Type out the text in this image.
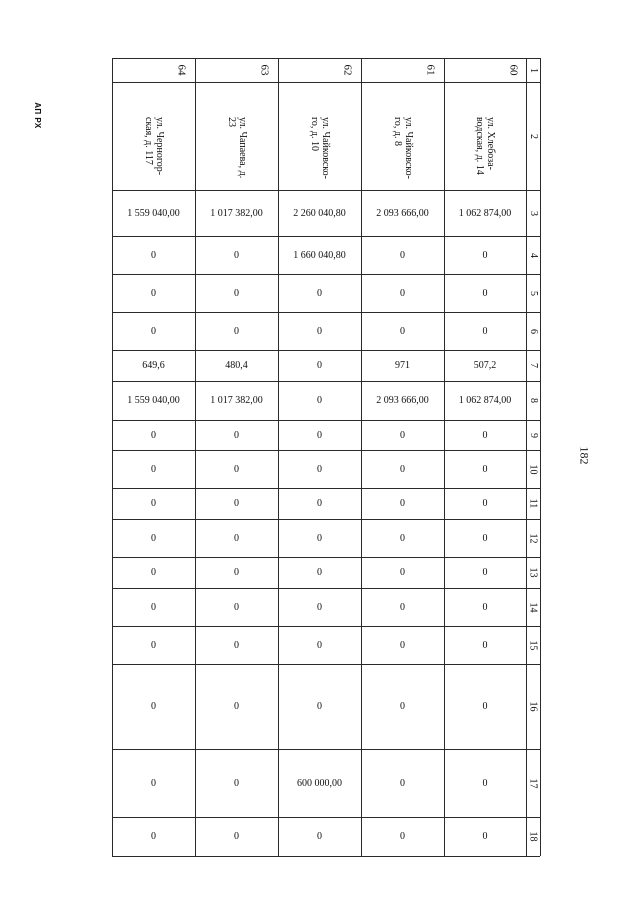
АП РХ
182
1
2
3
4
5
6
7
8
9
10
11
12
13
14
15
16
17
18
60
ул. Хлебоза-водская, д. 14
1 062 874,00
0
0
0
507,2
1 062 874,00
0
0
0
0
0
0
0
0
0
0
61
ул. Чайковско-го, д. 8
2 093 666,00
0
0
0
971
2 093 666,00
0
0
0
0
0
0
0
0
0
0
62
ул. Чайковско-го, д. 10
2 260 040,80
1 660 040,80
0
0
0
0
0
0
0
0
0
0
0
0
600 000,00
0
63
ул. Чапаева, д. 23
1 017 382,00
0
0
0
480,4
1 017 382,00
0
0
0
0
0
0
0
0
0
0
64
ул. Черногор-ская, д. 117
1 559 040,00
0
0
0
649,6
1 559 040,00
0
0
0
0
0
0
0
0
0
0
